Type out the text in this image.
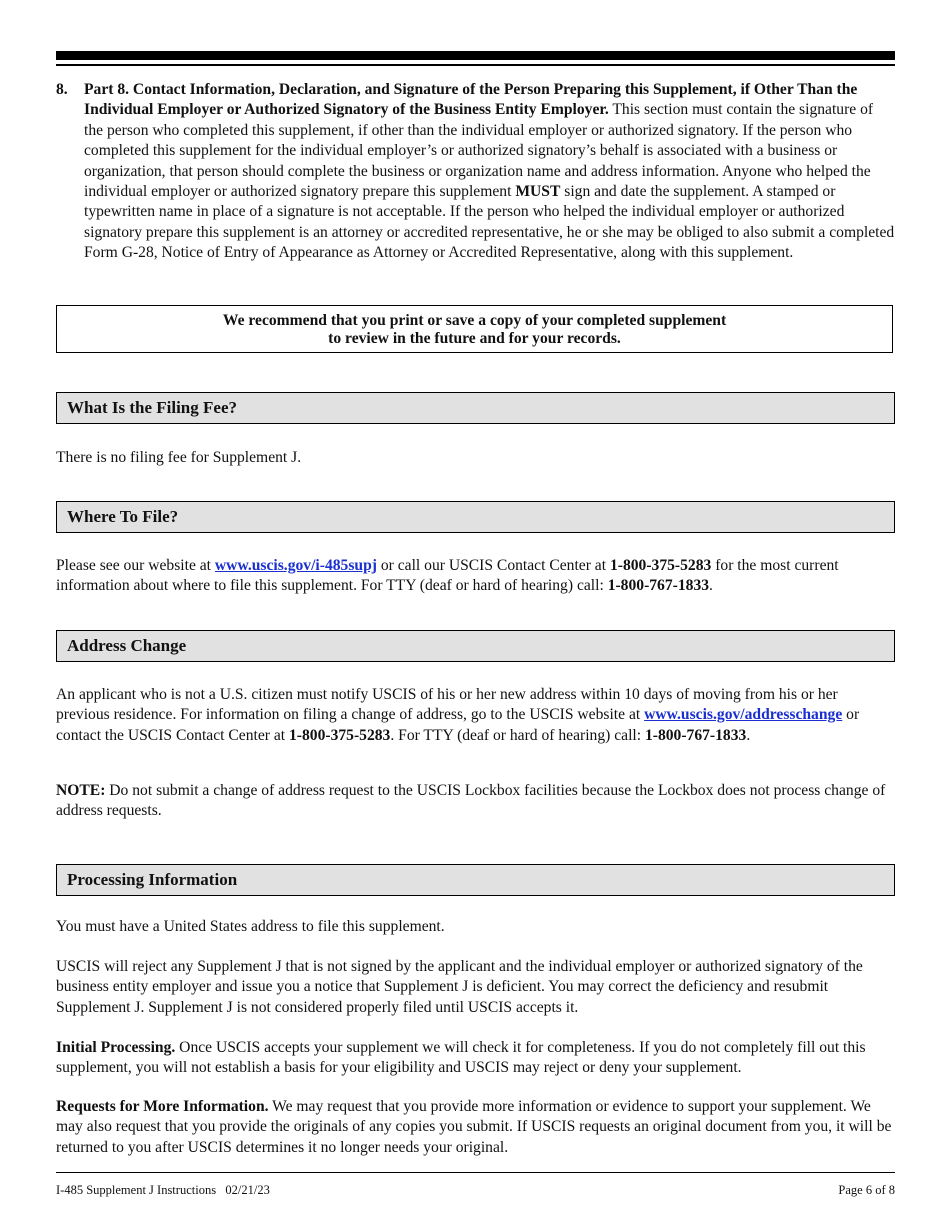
8. Part 8. Contact Information, Declaration, and Signature of the Person Preparing this Supplement, if Other Than the Individual Employer or Authorized Signatory of the Business Entity Employer. This section must contain the signature of the person who completed this supplement, if other than the individual employer or authorized signatory. If the person who completed this supplement for the individual employer’s or authorized signatory’s behalf is associated with a business or organization, that person should complete the business or organization name and address information. Anyone who helped the individual employer or authorized signatory prepare this supplement MUST sign and date the supplement. A stamped or typewritten name in place of a signature is not acceptable. If the person who helped the individual employer or authorized signatory prepare this supplement is an attorney or accredited representative, he or she may be obliged to also submit a completed Form G-28, Notice of Entry of Appearance as Attorney or Accredited Representative, along with this supplement.
We recommend that you print or save a copy of your completed supplement
to review in the future and for your records.
What Is the Filing Fee?

There is no filing fee for Supplement J.

Where To File?

Please see our website at www.uscis.gov/i-485supj or call our USCIS Contact Center at 1-800-375-5283 for the most current information about where to file this supplement. For TTY (deaf or hard of hearing) call: 1-800-767-1833.

Address Change

An applicant who is not a U.S. citizen must notify USCIS of his or her new address within 10 days of moving from his or her previous residence. For information on filing a change of address, go to the USCIS website at www.uscis.gov/addresschange or contact the USCIS Contact Center at 1-800-375-5283. For TTY (deaf or hard of hearing) call: 1-800-767-1833.

NOTE: Do not submit a change of address request to the USCIS Lockbox facilities because the Lockbox does not process change of address requests.

Processing Information

You must have a United States address to file this supplement.

USCIS will reject any Supplement J that is not signed by the applicant and the individual employer or authorized signatory of the business entity employer and issue you a notice that Supplement J is deficient. You may correct the deficiency and resubmit Supplement J. Supplement J is not considered properly filed until USCIS accepts it.

Initial Processing. Once USCIS accepts your supplement we will check it for completeness. If you do not completely fill out this supplement, you will not establish a basis for your eligibility and USCIS may reject or deny your supplement.

Requests for More Information. We may request that you provide more information or evidence to support your supplement. We may also request that you provide the originals of any copies you submit. If USCIS requests an original document from you, it will be returned to you after USCIS determines it no longer needs your original.

I-485 Supplement J Instructions   02/21/23	Page 6 of 8
